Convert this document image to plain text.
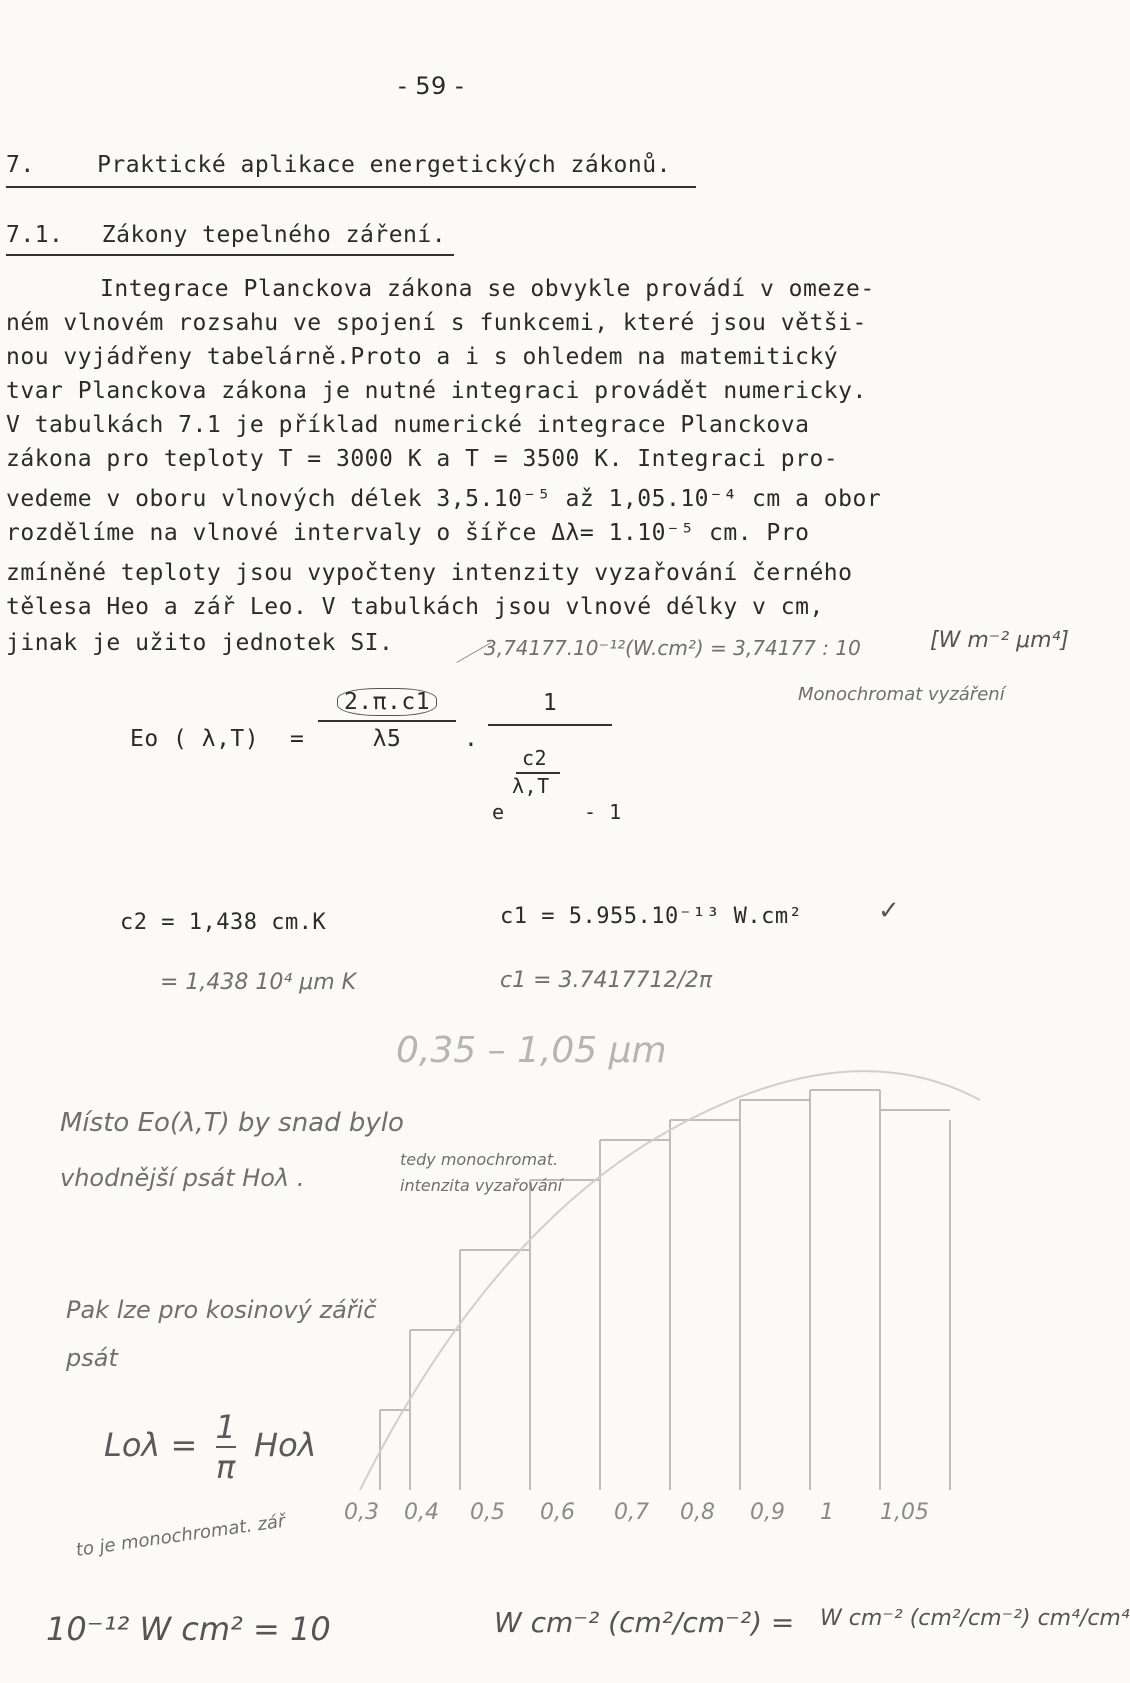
- 59 -
7.	Praktické aplikace energetických zákonů.
7.1. Zákony tepelného záření.
Integrace Planckova zákona se obvykle provádí v omeze-
ném vlnovém rozsahu ve spojení s funkcemi, které jsou větši-
nou vyjádřeny tabelárně.Proto a i s ohledem na matemitický
tvar Planckova zákona je nutné integraci provádět numericky.
V tabulkách 7.1 je příklad numerické integrace Planckova
zákona pro teploty T = 3000 K a T = 3500 K. Integraci pro-
vedeme v oboru vlnových délek 3,5.10⁻⁵ až 1,05.10⁻⁴ cm a obor
rozdělíme na vlnové intervaly o šířce Δλ= 1.10⁻⁵ cm. Pro
zmíněné teploty jsou vypočteny intenzity vyzařování černého
tělesa Heo a zář Leo. V tabulkách jsou vlnové délky v cm,
jinak je užito jednotek SI.	3,74177.10⁻¹²(W.cm²) = 3,74177 : 10	[W m⁻² μm⁴]
Monochromat vyzáření
Eo ( λ,T) =
2.π.c1
λ5	.
1
c2
λ,T
e	- 1
c2 = 1,438 cm.K	c1 = 5.955.10⁻¹³ W.cm²	✓
= 1,438 10⁴ μm K	c1 = 3.7417712/2π
0,35 – 1,05 μm
Místo Eo(λ,T) by snad bylo
vhodnější psát Hoλ .
tedy monochromat.
intenzita vyzařování
Pak lze pro kosinový zářič
psát
$Lo\lambda = \frac{1}{\pi}$ Hoλ
to je monochromat. zář	0,3 0,4 0,5 0,6 0,7 0,8 0,9 1 1,05
10⁻¹² W cm² = 10	W cm⁻² (cm²/cm⁻²) = W cm⁻² (cm²/cm⁻²) cm⁴/cm⁴
